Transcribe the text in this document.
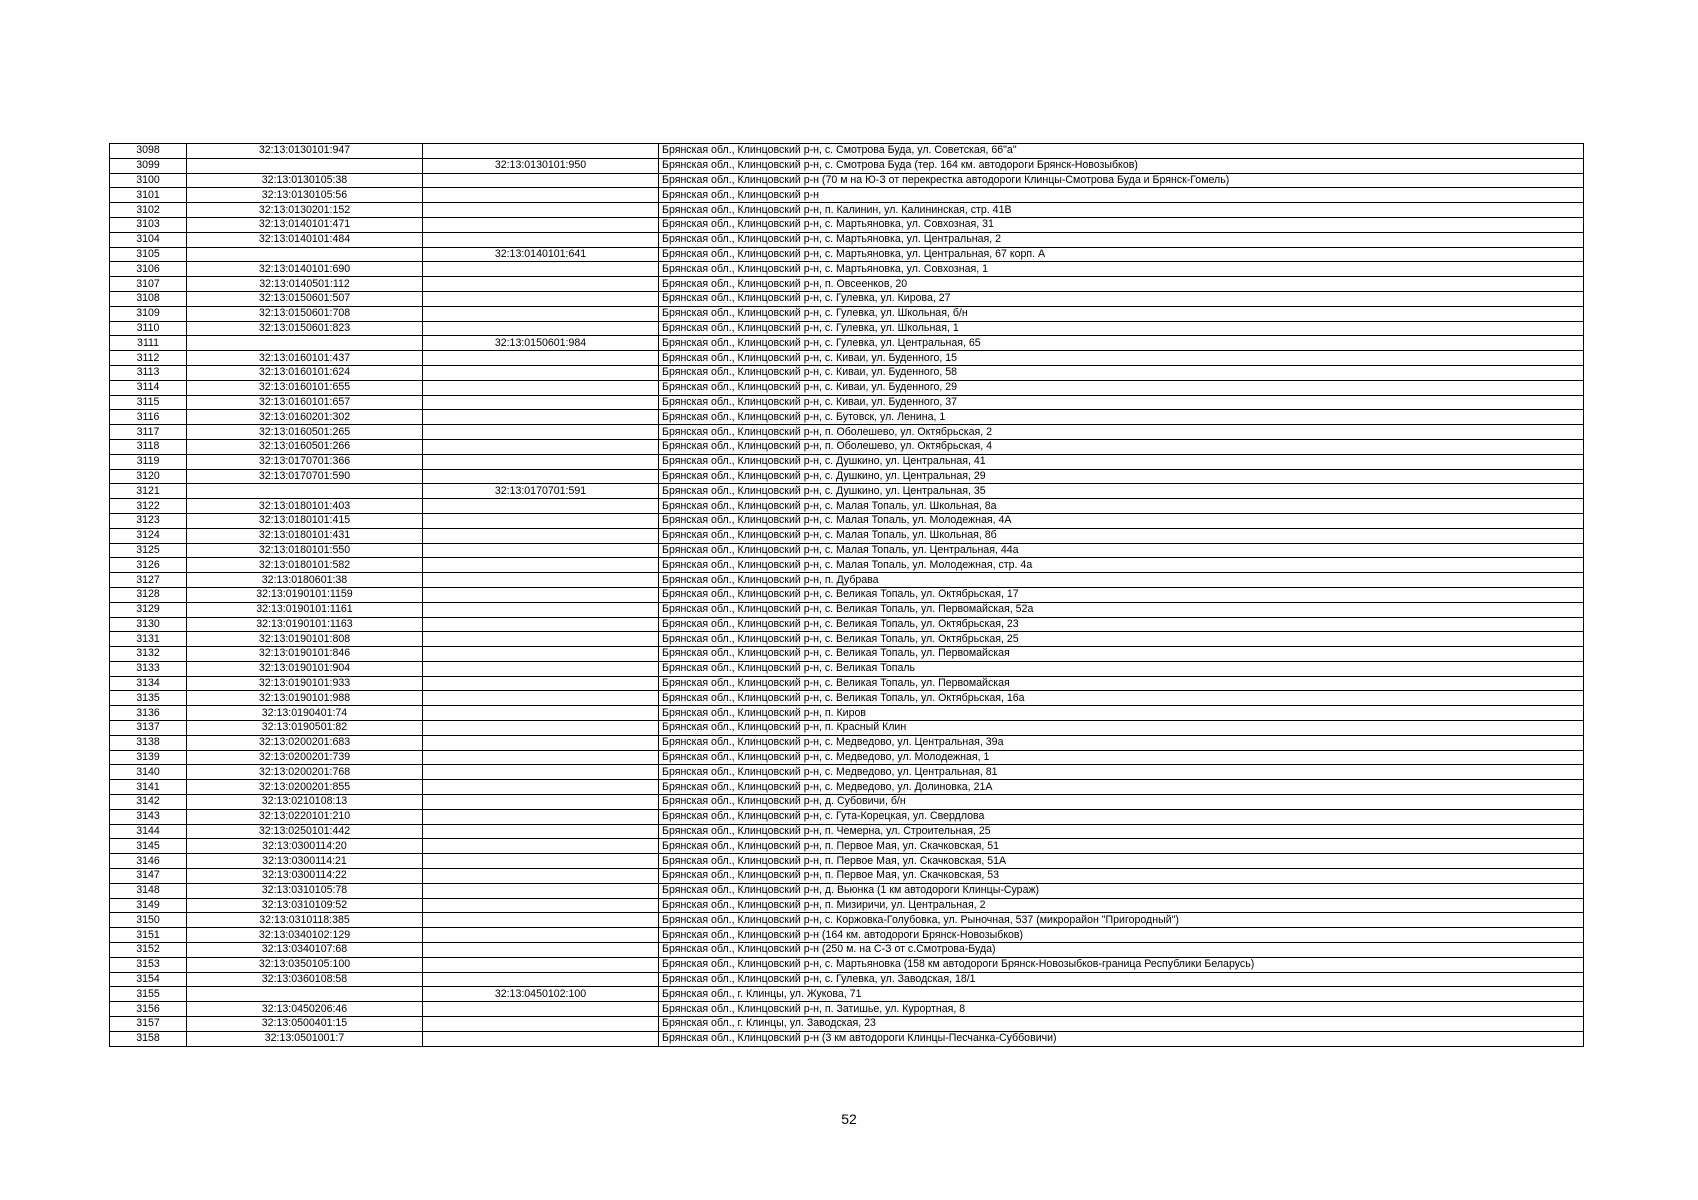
3098	32:13:0130101:947		Брянская обл., Клинцовский р-н, с. Смотрова Буда, ул. Советская, 66"а"
3099		32:13:0130101:950	Брянская обл., Клинцовский р-н, с. Смотрова Буда (тер. 164 км. автодороги Брянск-Новозыбков)
3100	32:13:0130105:38		Брянская обл., Клинцовский р-н (70 м на Ю-З от перекрестка автодороги Клинцы-Смотрова Буда и Брянск-Гомель)
3101	32:13:0130105:56		Брянская обл., Клинцовский р-н
3102	32:13:0130201:152		Брянская обл., Клинцовский р-н, п. Калинин, ул. Калининская, стр. 41В
3103	32:13:0140101:471		Брянская обл., Клинцовский р-н, с. Мартьяновка, ул. Совхозная, 31
3104	32:13:0140101:484		Брянская обл., Клинцовский р-н, с. Мартьяновка, ул. Центральная, 2
3105		32:13:0140101:641	Брянская обл., Клинцовский р-н, с. Мартьяновка, ул. Центральная, 67 корп. А
3106	32:13:0140101:690		Брянская обл., Клинцовский р-н, с. Мартьяновка, ул. Совхозная, 1
3107	32:13:0140501:112		Брянская обл., Клинцовский р-н, п. Овсеенков, 20
3108	32:13:0150601:507		Брянская обл., Клинцовский р-н, с. Гулевка, ул. Кирова, 27
3109	32:13:0150601:708		Брянская обл., Клинцовский р-н, с. Гулевка, ул. Школьная, б/н
3110	32:13:0150601:823		Брянская обл., Клинцовский р-н, с. Гулевка, ул. Школьная, 1
3111		32:13:0150601:984	Брянская обл., Клинцовский р-н, с. Гулевка, ул. Центральная, 65
3112	32:13:0160101:437		Брянская обл., Клинцовский р-н, с. Киваи, ул. Буденного, 15
3113	32:13:0160101:624		Брянская обл., Клинцовский р-н, с. Киваи, ул. Буденного, 58
3114	32:13:0160101:655		Брянская обл., Клинцовский р-н, с. Киваи, ул. Буденного, 29
3115	32:13:0160101:657		Брянская обл., Клинцовский р-н, с. Киваи, ул. Буденного, 37
3116	32:13:0160201:302		Брянская обл., Клинцовский р-н, с. Бутовск, ул. Ленина, 1
3117	32:13:0160501:265		Брянская обл., Клинцовский р-н, п. Оболешево, ул. Октябрьская, 2
3118	32:13:0160501:266		Брянская обл., Клинцовский р-н, п. Оболешево, ул. Октябрьская, 4
3119	32:13:0170701:366		Брянская обл., Клинцовский р-н, с. Душкино, ул. Центральная, 41
3120	32:13:0170701:590		Брянская обл., Клинцовский р-н, с. Душкино, ул. Центральная, 29
3121		32:13:0170701:591	Брянская обл., Клинцовский р-н, с. Душкино, ул. Центральная, 35
3122	32:13:0180101:403		Брянская обл., Клинцовский р-н, с. Малая Топаль, ул. Школьная, 8а
3123	32:13:0180101:415		Брянская обл., Клинцовский р-н, с. Малая Топаль, ул. Молодежная, 4А
3124	32:13:0180101:431		Брянская обл., Клинцовский р-н, с. Малая Топаль, ул. Школьная, 8б
3125	32:13:0180101:550		Брянская обл., Клинцовский р-н, с. Малая Топаль, ул. Центральная, 44а
3126	32:13:0180101:582		Брянская обл., Клинцовский р-н, с. Малая Топаль, ул. Молодежная, стр. 4а
3127	32:13:0180601:38		Брянская обл., Клинцовский р-н, п. Дубрава
3128	32:13:0190101:1159		Брянская обл., Клинцовский р-н, с. Великая Топаль, ул. Октябрьская, 17
3129	32:13:0190101:1161		Брянская обл., Клинцовский р-н, с. Великая Топаль, ул. Первомайская, 52а
3130	32:13:0190101:1163		Брянская обл., Клинцовский р-н, с. Великая Топаль, ул. Октябрьская, 23
3131	32:13:0190101:808		Брянская обл., Клинцовский р-н, с. Великая Топаль, ул. Октябрьская, 25
3132	32:13:0190101:846		Брянская обл., Клинцовский р-н, с. Великая Топаль, ул. Первомайская
3133	32:13:0190101:904		Брянская обл., Клинцовский р-н, с. Великая Топаль
3134	32:13:0190101:933		Брянская обл., Клинцовский р-н, с. Великая Топаль, ул. Первомайская
3135	32:13:0190101:988		Брянская обл., Клинцовский р-н, с. Великая Топаль, ул. Октябрьская, 16а
3136	32:13:0190401:74		Брянская обл., Клинцовский р-н, п. Киров
3137	32:13:0190501:82		Брянская обл., Клинцовский р-н, п. Красный Клин
3138	32:13:0200201:683		Брянская обл., Клинцовский р-н, с. Медведово, ул. Центральная, 39а
3139	32:13:0200201:739		Брянская обл., Клинцовский р-н, с. Медведово, ул. Молодежная, 1
3140	32:13:0200201:768		Брянская обл., Клинцовский р-н, с. Медведово, ул. Центральная, 81
3141	32:13:0200201:855		Брянская обл., Клинцовский р-н, с. Медведово, ул. Долиновка, 21А
3142	32:13:0210108:13		Брянская обл., Клинцовский р-н, д. Субовичи, б/н
3143	32:13:0220101:210		Брянская обл., Клинцовский р-н, с. Гута-Корецкая, ул. Свердлова
3144	32:13:0250101:442		Брянская обл., Клинцовский р-н, п. Чемерна, ул. Строительная, 25
3145	32:13:0300114:20		Брянская обл., Клинцовский р-н, п. Первое Мая, ул. Скачковская, 51
3146	32:13:0300114:21		Брянская обл., Клинцовский р-н, п. Первое Мая, ул. Скачковская, 51А
3147	32:13:0300114:22		Брянская обл., Клинцовский р-н, п. Первое Мая, ул. Скачковская, 53
3148	32:13:0310105:78		Брянская обл., Клинцовский р-н, д. Вьюнка (1 км автодороги Клинцы-Сураж)
3149	32:13:0310109:52		Брянская обл., Клинцовский р-н, п. Мизиричи, ул. Центральная, 2
3150	32:13:0310118:385		Брянская обл., Клинцовский р-н, с. Коржовка-Голубовка, ул. Рыночная, 537 (микрорайон "Пригородный")
3151	32:13:0340102:129		Брянская обл., Клинцовский р-н (164 км. автодороги Брянск-Новозыбков)
3152	32:13:0340107:68		Брянская обл., Клинцовский р-н (250 м. на С-З от с.Смотрова-Буда)
3153	32:13:0350105:100		Брянская обл., Клинцовский р-н, с. Мартьяновка (158 км автодороги Брянск-Новозыбков-граница Республики Беларусь)
3154	32:13:0360108:58		Брянская обл., Клинцовский р-н, с. Гулевка, ул. Заводская, 18/1
3155		32:13:0450102:100	Брянская обл., г. Клинцы, ул. Жукова, 71
3156	32:13:0450206:46		Брянская обл., Клинцовский р-н, п. Затишье, ул. Курортная, 8
3157	32:13:0500401:15		Брянская обл., г. Клинцы, ул. Заводская, 23
3158	32:13:0501001:7		Брянская обл., Клинцовский р-н (3 км автодороги Клинцы-Песчанка-Суббовичи)
52
